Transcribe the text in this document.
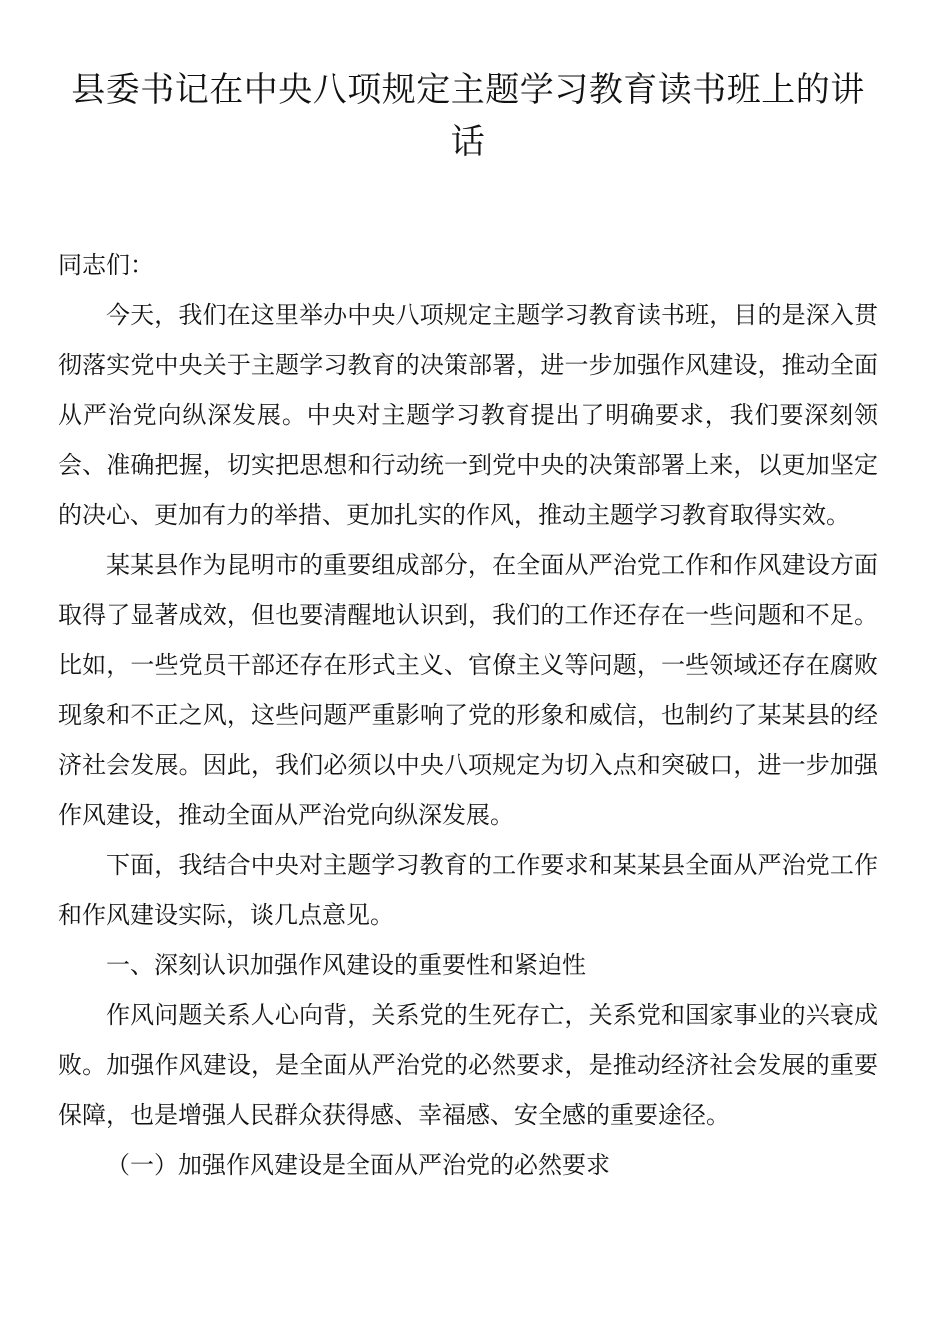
县委书记在中央八项规定主题学习教育读书班上的讲话

同志们：

今天，我们在这里举办中央八项规定主题学习教育读书班，目的是深入贯彻落实党中央关于主题学习教育的决策部署，进一步加强作风建设，推动全面从严治党向纵深发展。中央对主题学习教育提出了明确要求，我们要深刻领会、准确把握，切实把思想和行动统一到党中央的决策部署上来，以更加坚定的决心、更加有力的举措、更加扎实的作风，推动主题学习教育取得实效。

某某县作为昆明市的重要组成部分，在全面从严治党工作和作风建设方面取得了显著成效，但也要清醒地认识到，我们的工作还存在一些问题和不足。比如，一些党员干部还存在形式主义、官僚主义等问题，一些领域还存在腐败现象和不正之风，这些问题严重影响了党的形象和威信，也制约了某某县的经济社会发展。因此，我们必须以中央八项规定为切入点和突破口，进一步加强作风建设，推动全面从严治党向纵深发展。

下面，我结合中央对主题学习教育的工作要求和某某县全面从严治党工作和作风建设实际，谈几点意见。

一、深刻认识加强作风建设的重要性和紧迫性

作风问题关系人心向背，关系党的生死存亡，关系党和国家事业的兴衰成败。加强作风建设，是全面从严治党的必然要求，是推动经济社会发展的重要保障，也是增强人民群众获得感、幸福感、安全感的重要途径。

（一）加强作风建设是全面从严治党的必然要求
